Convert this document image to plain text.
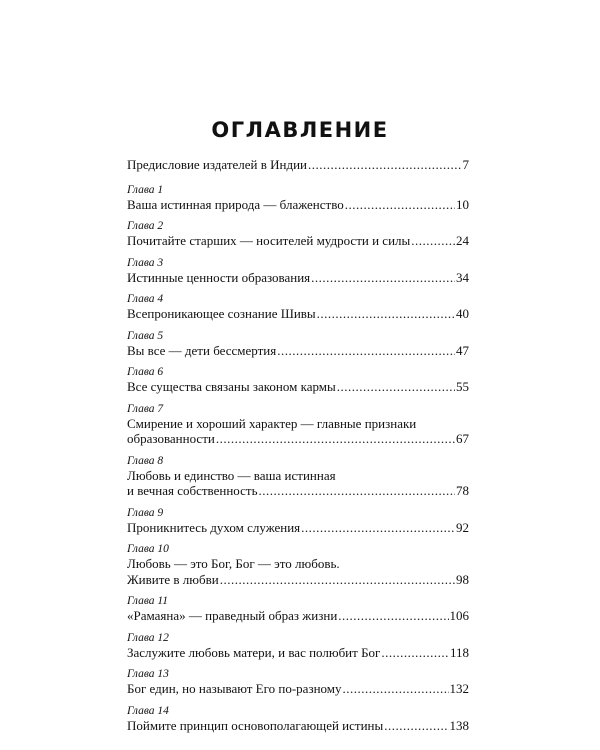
ОГЛАВЛЕНИЕ
Предисловие издателей в Индии .....	7
Глава 1
Ваша истинная природа — блаженство .....	10
Глава 2
Почитайте старших — носителей мудрости и силы .....	24
Глава 3
Истинные ценности образования .....	34
Глава 4
Всепроникающее сознание Шивы .....	40
Глава 5
Вы все — дети бессмертия .....	47
Глава 6
Все существа связаны законом кармы .....	55
Глава 7
Смирение и хороший характер — главные признаки
образованности .....	67
Глава 8
Любовь и единство — ваша истинная
и вечная собственность .....	78
Глава 9
Проникнитесь духом служения .....	92
Глава 10
Любовь — это Бог, Бог — это любовь.
Живите в любви .....	98
Глава 11
«Рамаяна» — праведный образ жизни .....	106
Глава 12
Заслужите любовь матери, и вас полюбит Бог .....	118
Глава 13
Бог един, но называют Его по-разному .....	132
Глава 14
Поймите принцип основополагающей истины .....	138
